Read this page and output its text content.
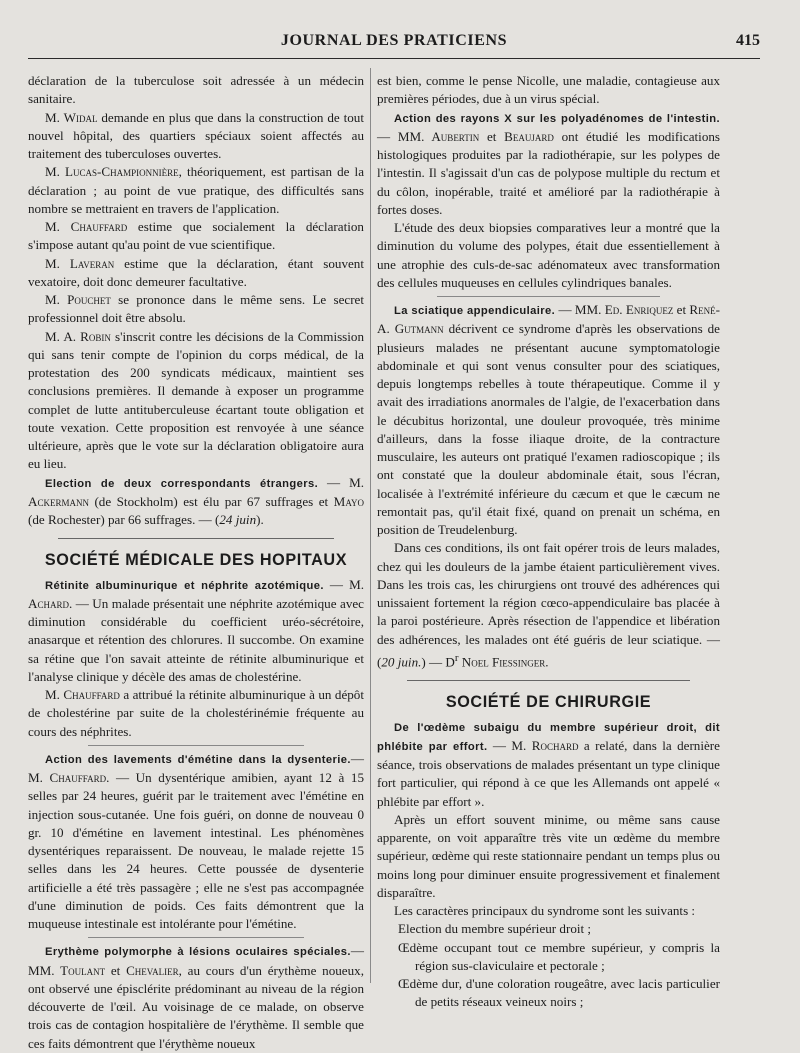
JOURNAL DES PRATICIENS	415

déclaration de la tuberculose soit adressée à un médecin sanitaire.

M. Widal demande en plus que dans la construction de tout nouvel hôpital, des quartiers spéciaux soient affectés au traitement des tuberculoses ouvertes.

M. Lucas-Championnière, théoriquement, est partisan de la déclaration ; au point de vue pratique, des difficultés sans nombre se mettraient en travers de l'application.

M. Chauffard estime que socialement la déclaration s'impose autant qu'au point de vue scientifique.

M. Laveran estime que la déclaration, étant souvent vexatoire, doit donc demeurer facultative.

M. Pouchet se prononce dans le même sens. Le secret professionnel doit être absolu.

M. A. Robin s'inscrit contre les décisions de la Commission qui sans tenir compte de l'opinion du corps médical, de la protestation des 200 syndicats médicaux, maintient ses conclusions premières. Il demande à exposer un programme complet de lutte antituberculeuse écartant toute obligation et toute vexation. Cette proposition est renvoyée à une séance ultérieure, après que le vote sur la déclaration obligatoire aura eu lieu.

Election de deux correspondants étrangers. — M. Ackermann (de Stockholm) est élu par 67 suffrages et Mayo (de Rochester) par 66 suffrages. — (24 juin).

SOCIÉTÉ MÉDICALE DES HOPITAUX

Rétinite albuminurique et néphrite azotémique. — M. Achard. — Un malade présentait une néphrite azotémique avec diminution considérable du coefficient uréo-sécrétoire, anasarque et rétention des chlorures. Il succombe. On examine sa rétine que l'on savait atteinte de rétinite albuminurique et l'analyse clinique y décèle des amas de cholestérine.

M. Chauffard a attribué la rétinite albuminurique à un dépôt de cholestérine par suite de la cholestérinémie fréquente au cours des néphrites.

Action des lavements d'émétine dans la dysenterie.—M. Chauffard. — Un dysentérique amibien, ayant 12 à 15 selles par 24 heures, guérit par le traitement avec l'émétine en injection sous-cutanée. Une fois guéri, on donne de nouveau 0 gr. 10 d'émétine en lavement intestinal. Les phénomènes dysentériques reparaissent. De nouveau, le malade rejette 15 selles dans les 24 heures. Cette poussée de dysenterie artificielle a été très passagère ; elle ne s'est pas accompagnée d'une diminution de poids. Ces faits démontrent que la muqueuse intestinale est intolérante pour l'émétine.

Erythème polymorphe à lésions oculaires spéciales.—MM. Toulant et Chevalier, au cours d'un érythème noueux, ont observé une épisclérite prédominant au niveau de la région découverte de l'œil. Au voisinage de ce malade, on observe trois cas de contagion hospitalière de l'érythème. Il semble que ces faits démontrent que l'érythème noueux

est bien, comme le pense Nicolle, une maladie, contagieuse aux premières périodes, due à un virus spécial.

Action des rayons X sur les polyadénomes de l'intestin. — MM. Aubertin et Beaujard ont étudié les modifications histologiques produites par la radiothérapie, sur les polypes de l'intestin. Il s'agissait d'un cas de polypose multiple du rectum et du côlon, inopérable, traité et amélioré par la radiothérapie à fortes doses.

L'étude des deux biopsies comparatives leur a montré que la diminution du volume des polypes, était due essentiellement à une atrophie des culs-de-sac adénomateux avec transformation des cellules muqueuses en cellules cylindriques banales.

La sciatique appendiculaire. — MM. Ed. Enriquez et René-A. Gutmann décrivent ce syndrome d'après les observations de plusieurs malades ne présentant aucune symptomatologie abdominale et qui sont venus consulter pour des sciatiques, depuis longtemps rebelles à toute thérapeutique. Comme il y avait des irradiations anormales de l'algie, de l'exacerbation dans le décubitus horizontal, une douleur provoquée, très minime d'ailleurs, dans la fosse iliaque droite, de la contracture musculaire, les auteurs ont pratiqué l'examen radioscopique ; ils ont constaté que la douleur abdominale était, sous l'écran, localisée à l'extrémité inférieure du cæcum et que le cæcum ne remontait pas, qu'il était fixé, quand on prenait un schéma, en position de Treudelenburg.

Dans ces conditions, ils ont fait opérer trois de leurs malades, chez qui les douleurs de la jambe étaient particulièrement vives. Dans les trois cas, les chirurgiens ont trouvé des adhérences qui unissaient fortement la région cœco-appendiculaire bas placée à la paroi postérieure. Après résection de l'appendice et libération des adhérences, les malades ont été guéris de leur sciatique. — (20 juin.) — $D^r$ Noel Fiessinger.

SOCIÉTÉ DE CHIRURGIE

De l'œdème subaigu du membre supérieur droit, dit phlébite par effort. — M. Rochard a relaté, dans la dernière séance, trois observations de malades présentant un type clinique fort particulier, qui répond à ce que les Allemands ont appelé « phlébite par effort ».

Après un effort souvent minime, ou même sans cause apparente, on voit apparaître très vite un œdème du membre supérieur, œdème qui reste stationnaire pendant un temps plus ou moins long pour diminuer ensuite progressivement et finalement disparaître.

Les caractères principaux du syndrome sont les suivants :

Election du membre supérieur droit ;

Œdème occupant tout ce membre supérieur, y compris la région sus-claviculaire et pectorale ;

Œdème dur, d'une coloration rougeâtre, avec lacis particulier de petits réseaux veineux noirs ;
